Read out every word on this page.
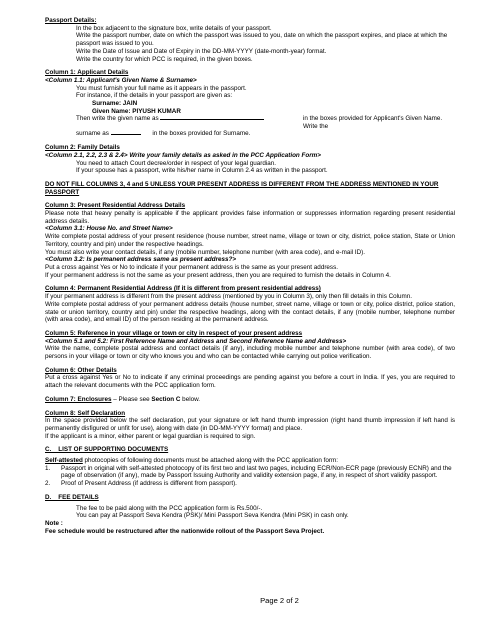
Passport Details:

In the box adjacent to the signature box, write details of your passport.

Write the passport number, date on which the passport was issued to you, date on which the passport expires, and place at which the passport was issued to you.

Write the Date of Issue and Date of Expiry in the DD-MM-YYYY (date-month-year) format.

Write the country for which PCC is required, in the given boxes.

Column 1: Applicant Details

<Column 1.1: Applicant's Given Name & Surname>

You must furnish your full name as it appears in the passport.

For instance, if the details in your passport are given as:

Surname: JAIN

Given Name: PIYUSH KUMAR

Then write the given name as	in the boxes provided for Applicant's Given Name. Write the

surname as	in the boxes provided for Surname.

Column 2: Family Details

<Column 2.1, 2.2, 2.3 & 2.4> Write your family details as asked in the PCC Application Form>

You need to attach Court decree/order in respect of your legal guardian.

If your spouse has a passport, write his/her name in Column 2.4 as written in the passport.

DO NOT FILL COLUMNS 3, 4 and 5 UNLESS YOUR PRESENT ADDRESS IS DIFFERENT FROM THE ADDRESS MENTIONED IN YOUR PASSPORT

Column 3: Present Residential Address Details

Please note that heavy penalty is applicable if the applicant provides false information or suppresses information regarding present residential address details.

<Column 3.1: House No. and Street Name>

Write complete postal address of your present residence (house number, street name, village or town or city, district, police station, State or Union Territory, country and pin) under the respective headings.

You must also write your contact details, if any (mobile number, telephone number (with area code), and e-mail ID).

<Column 3.2: Is permanent address same as present address?>

Put a cross against Yes or No to indicate if your permanent address is the same as your present address.

If your permanent address is not the same as your present address, then you are required to furnish the details in Column 4.

Column 4: Permanent Residential Address (If it is different from present residential address)

If your permanent address is different from the present address (mentioned by you in Column 3), only then fill details in this Column.

Write complete postal address of your permanent address details (house number, street name, village or town or city, police district, police station, state or union territory, country and pin) under the respective headings, along with the contact details, if any (mobile number, telephone number (with area code), and email ID) of the person residing at the permanent address.

Column 5: Reference in your village or town or city in respect of your present address

<Column 5.1 and 5.2: First Reference Name and Address and Second Reference Name and Address>

Write the name, complete postal address and contact details (if any), including mobile number and telephone number (with area code), of two persons in your village or town or city who knows you and who can be contacted while carrying out police verification.

Column 6: Other Details

Put a cross against Yes or No to indicate if any criminal proceedings are pending against you before a court in India. If yes, you are required to attach the relevant documents with the PCC application form.

Column 7: Enclosures – Please see Section C below.

Column 8: Self Declaration

In the space provided below the self declaration, put your signature or left hand thumb impression (right hand thumb impression if left hand is permanently disfigured or unfit for use), along with date (in DD-MM-YYYY format) and place.

If the applicant is a minor, either parent or legal guardian is required to sign.

C.    LIST OF SUPPORTING DOCUMENTS

Self-attested photocopies of following documents must be attached along with the PCC application form:

1.	Passport in original with self-attested photocopy of its first two and last two pages, including ECR/Non-ECR page (previously ECNR) and the page of observation (if any), made by Passport Issuing Authority and validity extension page, if any, in respect of short validity passport.
2.	Proof of Present Address (if address is different from passport).

D.    FEE DETAILS

The fee to be paid along with the PCC application form is Rs.500/-.

You can pay at Passport Seva Kendra (PSK)/ Mini Passport Seva Kendra (Mini PSK) in cash only.

Note :

Fee schedule would be restructured after the nationwide rollout of the Passport Seva Project.

Page 2 of 2
